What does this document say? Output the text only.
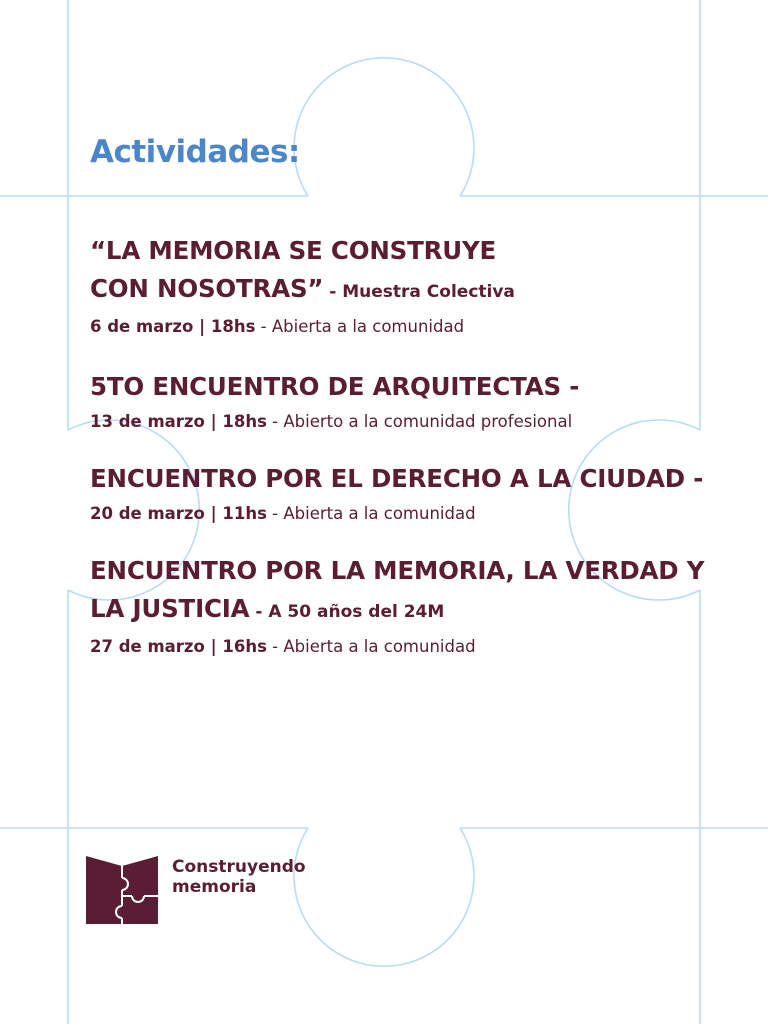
Actividades:

“LA MEMORIA SE CONSTRUYE CON NOSOTRAS” - Muestra Colectiva

6 de marzo | 18hs - Abierta a la comunidad

5TO ENCUENTRO DE ARQUITECTAS -

13 de marzo | 18hs - Abierto a la comunidad profesional

ENCUENTRO POR EL DERECHO A LA CIUDAD -

20 de marzo | 11hs - Abierta a la comunidad

ENCUENTRO POR LA MEMORIA, LA VERDAD Y LA JUSTICIA - A 50 años del 24M

27 de marzo | 16hs - Abierta a la comunidad

Construyendo memoria
